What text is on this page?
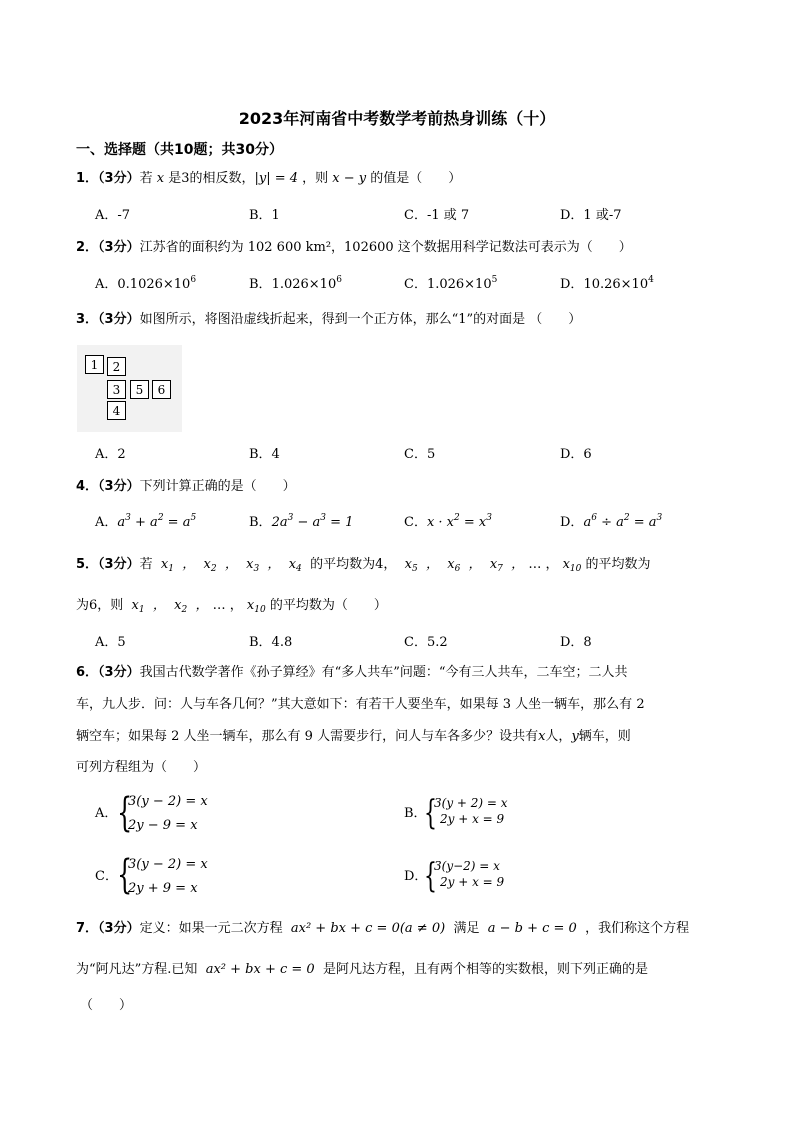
2023年河南省中考数学考前热身训练（十）
一、选择题（共10题；共30分）
1．（3分）若 x 是3的相反数，|y| = 4 ，则 x − y 的值是（　　）
A．-7	B．1	C．-1 或 7	D．1 或-7
2．（3分）江苏省的面积约为 102 600 km²，102600 这个数据用科学记数法可表示为（　　）
A．$0.1026\times 10^6$	B．$1.026\times 10^6$	C．$1.026\times 10^5$	D．$10.26\times 10^4$
3．（3分）如图所示，将图沿虚线折起来，得到一个正方体，那么“1”的对面是 （　　）
1	2
3	5	6
4
A．2	B．4	C．5	D．6
4．（3分）下列计算正确的是（　　）
A．$a^3 + a^2 = a^5$	B．$2a^3 - a^3 = 1$	C．$x \cdot x^2 = x^3$	D．$a^6 \div a^2 = a^3$
5．（3分）若  $x_1$  ，  $x_2$  ，  $x_3$  ，  $x_4$ 的平均数为4，  $x_5$  ，  $x_6$  ，  $x_7$  ， … ， $x_{10}$ 的平均数为
为6，则  $x_1$  ，  $x_2$  ， … ， $x_{10}$ 的平均数为（　　）
A．5	B．4.8	C．5.2	D．8
6．（3分）我国古代数学著作《孙子算经》有“多人共车”问题：“今有三人共车，二车空；二人共
车，九人步．问：人与车各几何？”其大意如下：有若干人要坐车，如果每 3 人坐一辆车，那么有 2
辆空车；如果每 2 人坐一辆车，那么有 9 人需要步行，问人与车各多少？设共有x人，y辆车，则
可列方程组为（　　）
A． {
3(y − 2) = x
2y − 9 = x
B．
{
3(y + 2) = x
2y + x = 9
C． {
3(y − 2) = x
2y + 9 = x
D．
{
3(y−2) = x
2y + x = 9
7．（3分）定义：如果一元二次方程 ax² + bx + c = 0(a ≠ 0) 满足 a − b + c = 0 ，我们称这个方程
为“阿凡达”方程.已知 ax² + bx + c = 0 是阿凡达方程，且有两个相等的实数根，则下列正确的是
（　　）
